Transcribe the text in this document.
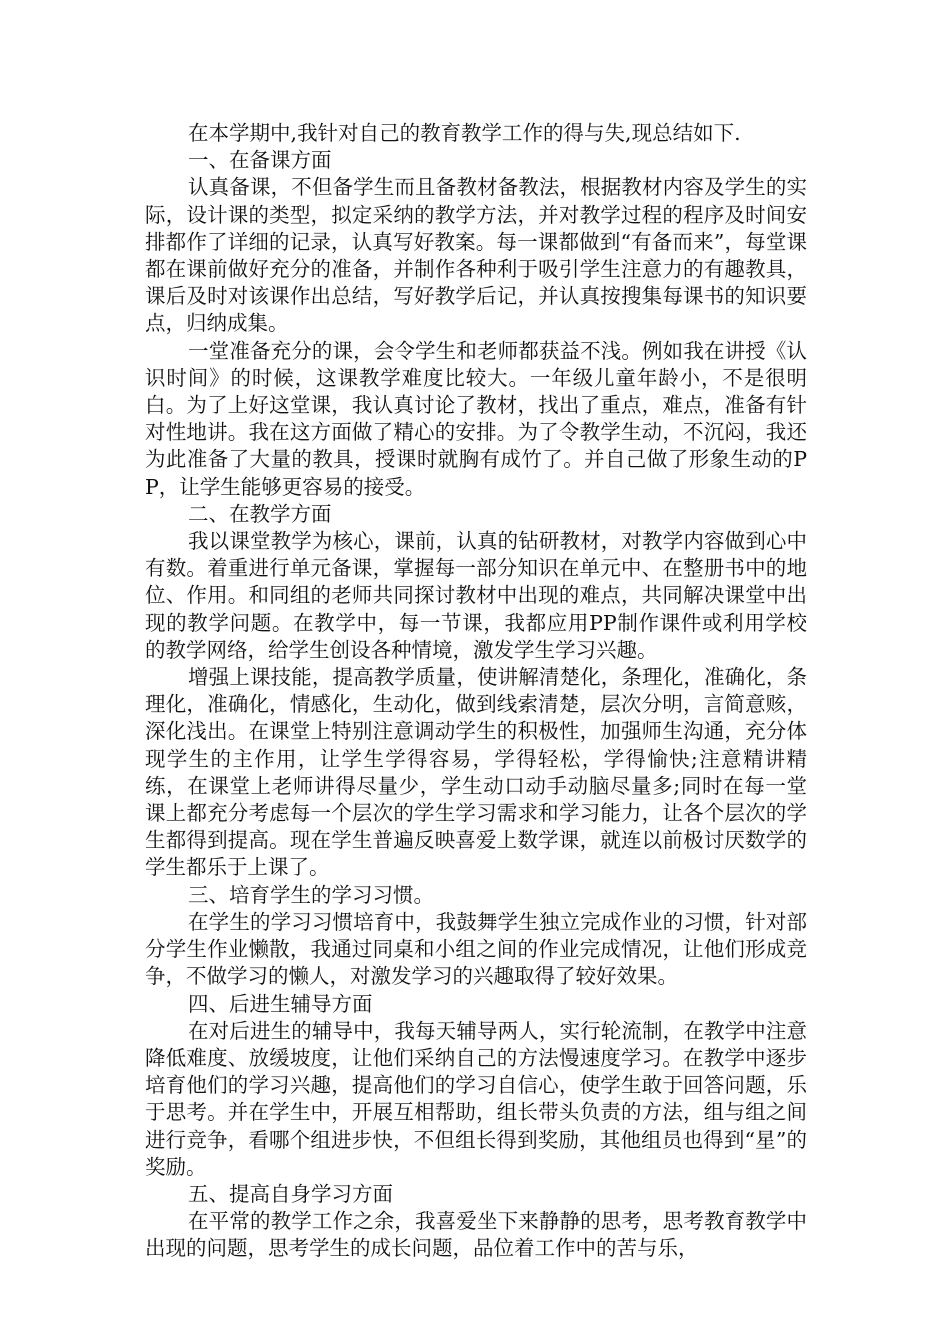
在本学期中,我针对自己的教育教学工作的得与失,现总结如下.

一、在备课方面

认真备课，不但备学生而且备教材备教法，根据教材内容及学生的实际，设计课的类型，拟定采纳的教学方法，并对教学过程的程序及时间安排都作了详细的记录，认真写好教案。每一课都做到“有备而来”，每堂课都在课前做好充分的准备，并制作各种利于吸引学生注意力的有趣教具，课后及时对该课作出总结，写好教学后记，并认真按搜集每课书的知识要点，归纳成集。

一堂准备充分的课，会令学生和老师都获益不浅。例如我在讲授《认识时间》的时候，这课教学难度比较大。一年级儿童年龄小，不是很明白。为了上好这堂课，我认真讨论了教材，找出了重点，难点，准备有针对性地讲。我在这方面做了精心的安排。为了令教学生动，不沉闷，我还为此准备了大量的教具，授课时就胸有成竹了。并自己做了形象生动的PP，让学生能够更容易的接受。

二、在教学方面

我以课堂教学为核心，课前，认真的钻研教材，对教学内容做到心中有数。着重进行单元备课，掌握每一部分知识在单元中、在整册书中的地位、作用。和同组的老师共同探讨教材中出现的难点，共同解决课堂中出现的教学问题。在教学中，每一节课，我都应用PP制作课件或利用学校的教学网络，给学生创设各种情境，激发学生学习兴趣。

增强上课技能，提高教学质量，使讲解清楚化，条理化，准确化，条理化，准确化，情感化，生动化，做到线索清楚，层次分明，言简意赅，深化浅出。在课堂上特别注意调动学生的积极性，加强师生沟通，充分体现学生的主作用，让学生学得容易，学得轻松，学得愉快;注意精讲精练，在课堂上老师讲得尽量少，学生动口动手动脑尽量多;同时在每一堂课上都充分考虑每一个层次的学生学习需求和学习能力，让各个层次的学生都得到提高。现在学生普遍反映喜爱上数学课，就连以前极讨厌数学的学生都乐于上课了。

三、培育学生的学习习惯。

在学生的学习习惯培育中，我鼓舞学生独立完成作业的习惯，针对部分学生作业懒散，我通过同桌和小组之间的作业完成情况，让他们形成竞争，不做学习的懒人，对激发学习的兴趣取得了较好效果。

四、后进生辅导方面

在对后进生的辅导中，我每天辅导两人，实行轮流制，在教学中注意降低难度、放缓坡度，让他们采纳自己的方法慢速度学习。在教学中逐步培育他们的学习兴趣，提高他们的学习自信心，使学生敢于回答问题，乐于思考。并在学生中，开展互相帮助，组长带头负责的方法，组与组之间进行竞争，看哪个组进步快，不但组长得到奖励，其他组员也得到“星”的奖励。

五、提高自身学习方面

在平常的教学工作之余，我喜爱坐下来静静的思考，思考教育教学中出现的问题，思考学生的成长问题，品位着工作中的苦与乐，
